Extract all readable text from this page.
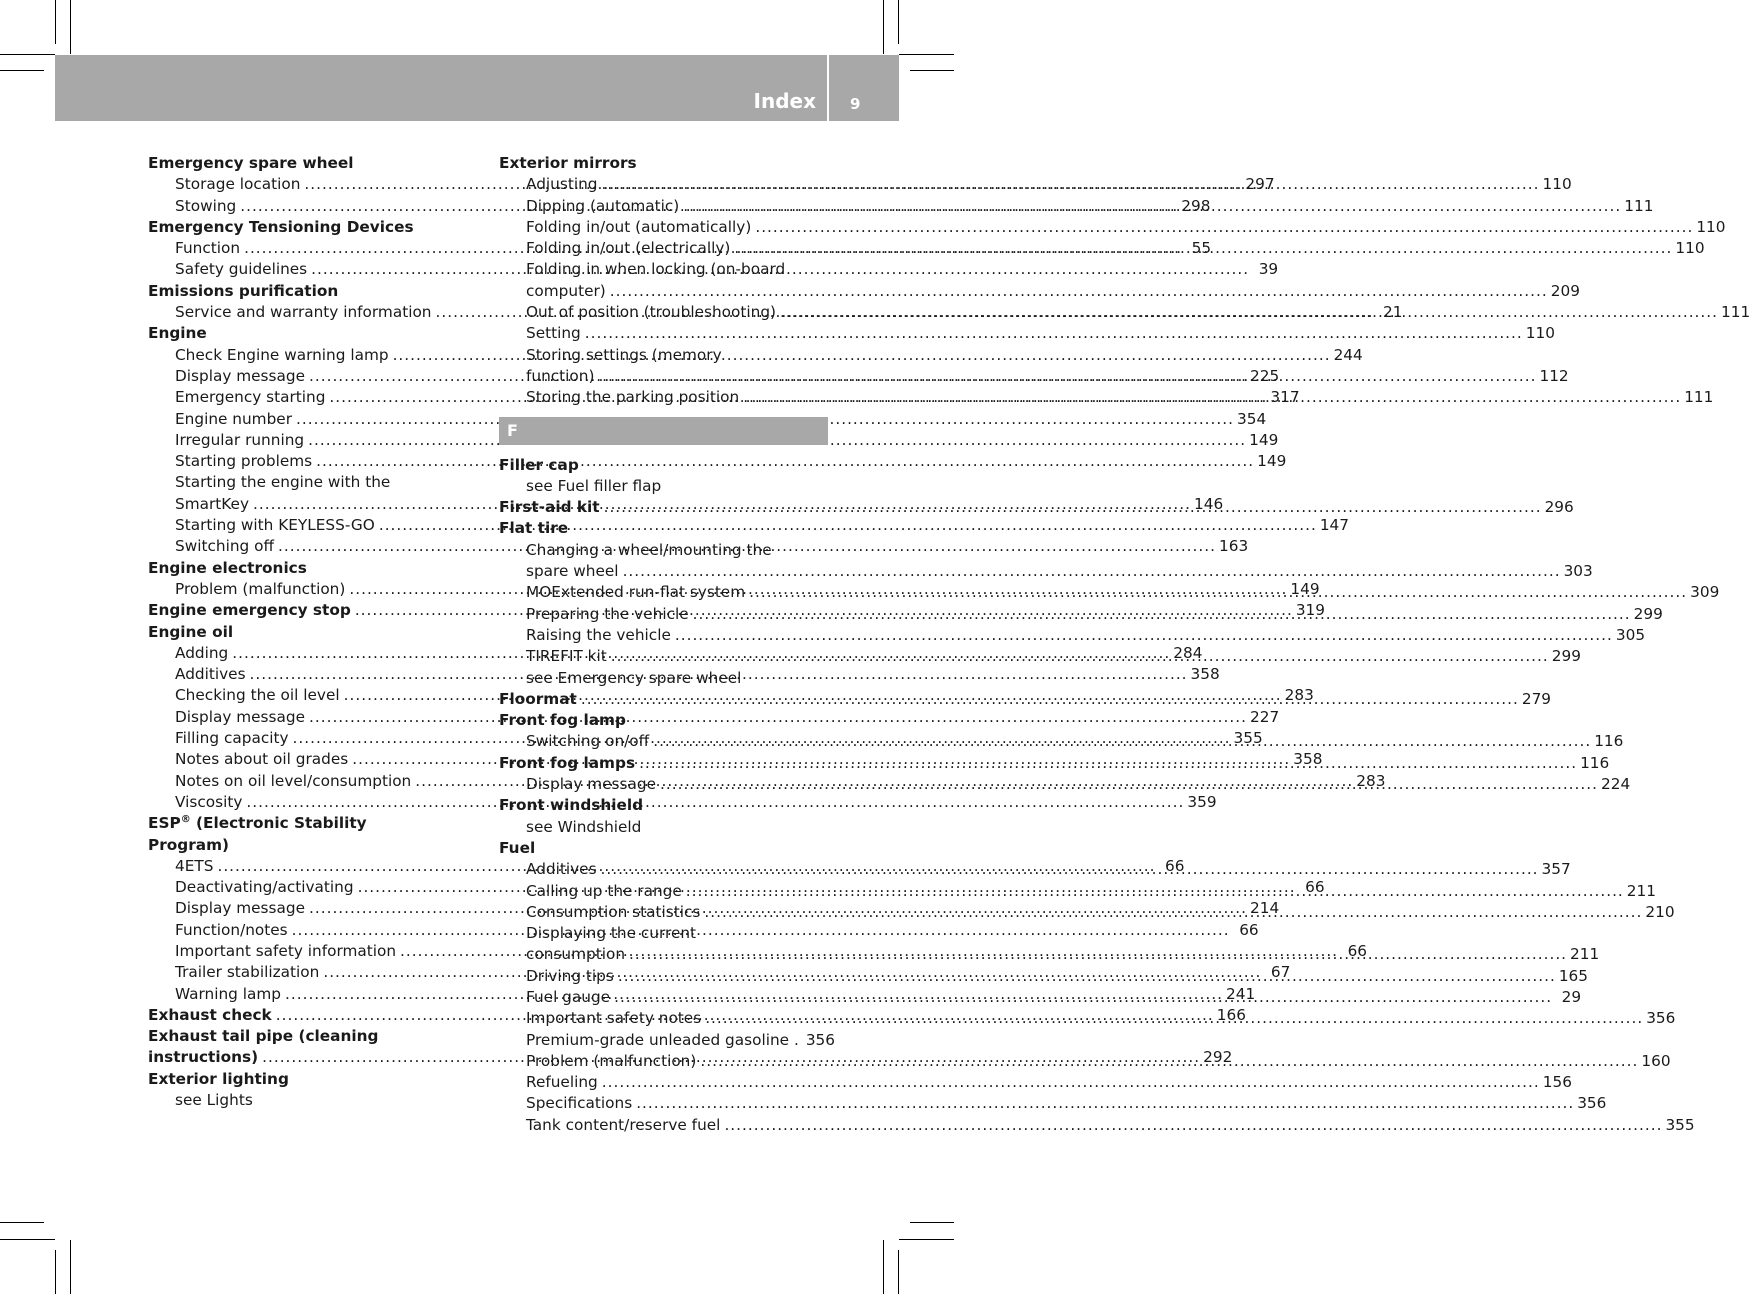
Index 9
Emergency spare wheel
Storage location .....	297
Stowing .....	298
Emergency Tensioning Devices
Function .....	55
Safety guidelines .....	39
Emissions purification
Service and warranty information .....	21
Engine
Check Engine warning lamp .....	244
Display message .....	225
Emergency starting .....	317
Engine number .....	354
Irregular running .....	149
Starting problems .....	149
Starting the engine with the
SmartKey .....	146
Starting with KEYLESS-GO .....	147
Switching off .....	163
Engine electronics
Problem (malfunction) .....	149
Engine emergency stop .....	319
Engine oil
Adding .....	284
Additives .....	358
Checking the oil level .....	283
Display message .....	227
Filling capacity .....	355
Notes about oil grades .....	358
Notes on oil level/consumption .....	283
Viscosity .....	359
ESP® (Electronic Stability
Program)
4ETS .....	66
Deactivating/activating .....	66
Display message .....	214
Function/notes .....	66
Important safety information .....	66
Trailer stabilization .....	67
Warning lamp .....	241
Exhaust check .....	166
Exhaust tail pipe (cleaning
instructions) .....	292
Exterior lighting
see Lights
Exterior mirrors
Adjusting .....	110
Dipping (automatic) .....	111
Folding in/out (automatically) .....	110
Folding in/out (electrically) .....	110
Folding in when locking (on-board
computer) .....	209
Out of position (troubleshooting) .....	111
Setting .....	110
Storing settings (memory
function) .....	112
Storing the parking position .....	111
F
Filler cap
see Fuel filler flap
First-aid kit .....	296
Flat tire
Changing a wheel/mounting the
spare wheel .....	303
MOExtended run-flat system .....	309
Preparing the vehicle .....	299
Raising the vehicle .....	305
TIREFIT kit .....	299
see Emergency spare wheel
Floormat .....	279
Front fog lamp
Switching on/off .....	116
Front fog lamps .....	116
Display message .....	224
Front windshield
see Windshield
Fuel
Additives .....	357
Calling up the range .....	211
Consumption statistics .....	210
Displaying the current
consumption .....	211
Driving tips .....	165
Fuel gauge .....	29
Important safety notes .....	356
Premium-grade unleaded gasoline . 356
Problem (malfunction) .....	160
Refueling .....	156
Specifications .....	356
Tank content/reserve fuel .....	355
